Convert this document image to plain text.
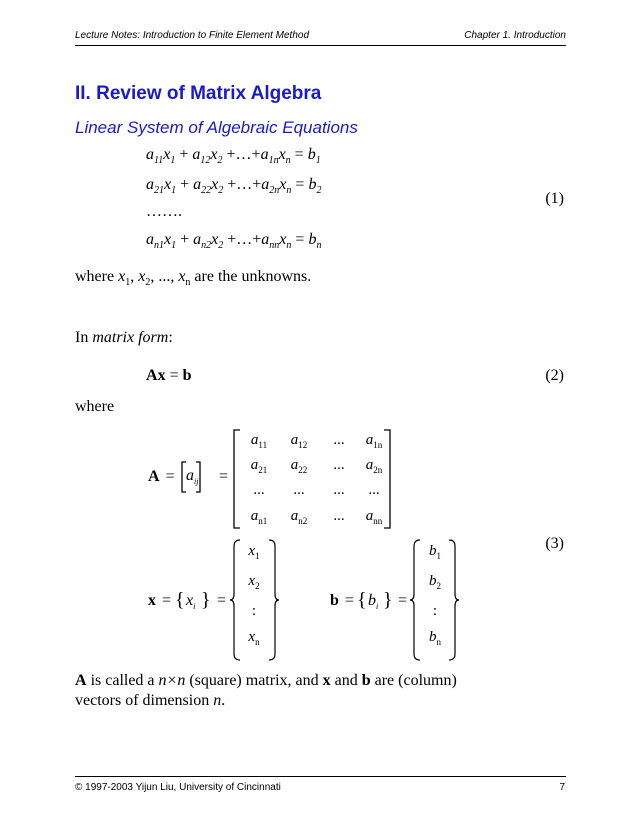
Lecture Notes: Introduction to Finite Element Method	Chapter 1. Introduction
II. Review of Matrix Algebra
Linear System of Algebraic Equations
$a_{11}x_1 + a_{12}x_2$ $+\dots+a_{1n}x_n = b_1$
$a_{21}x_1 + a_{22}x_2$ $+\dots+a_{2n}x_n = b_2$
…….
$a_{n1}x_1 + a_{n2}x_2$ $+\dots+a_{nn}x_n = b_n$
(1)
where $x_1$, $x_2$, ..., $x_n$ are the unknowns.
In matrix form:
Ax = b	(2)
where
$A = a_{ij}$ =
$a_{11}$	$a_{12}$	...	$a_{1n}$
$a_{21}$	$a_{22}$	...	$a_{2n}$
...	...	...	...
$a_{n1}$	$a_{n2}$	...	$a_{nn}$
x = { $x_i$ } =
$x_1$
$x_2$
:
$x_n$
b = { $b_i$ } =
$b_1$
$b_2$
:
$b_n$
(3)
A is called a n×n (square) matrix, and x and b are (column)
vectors of dimension n.
© 1997-2003 Yijun Liu, University of Cincinnati	7
